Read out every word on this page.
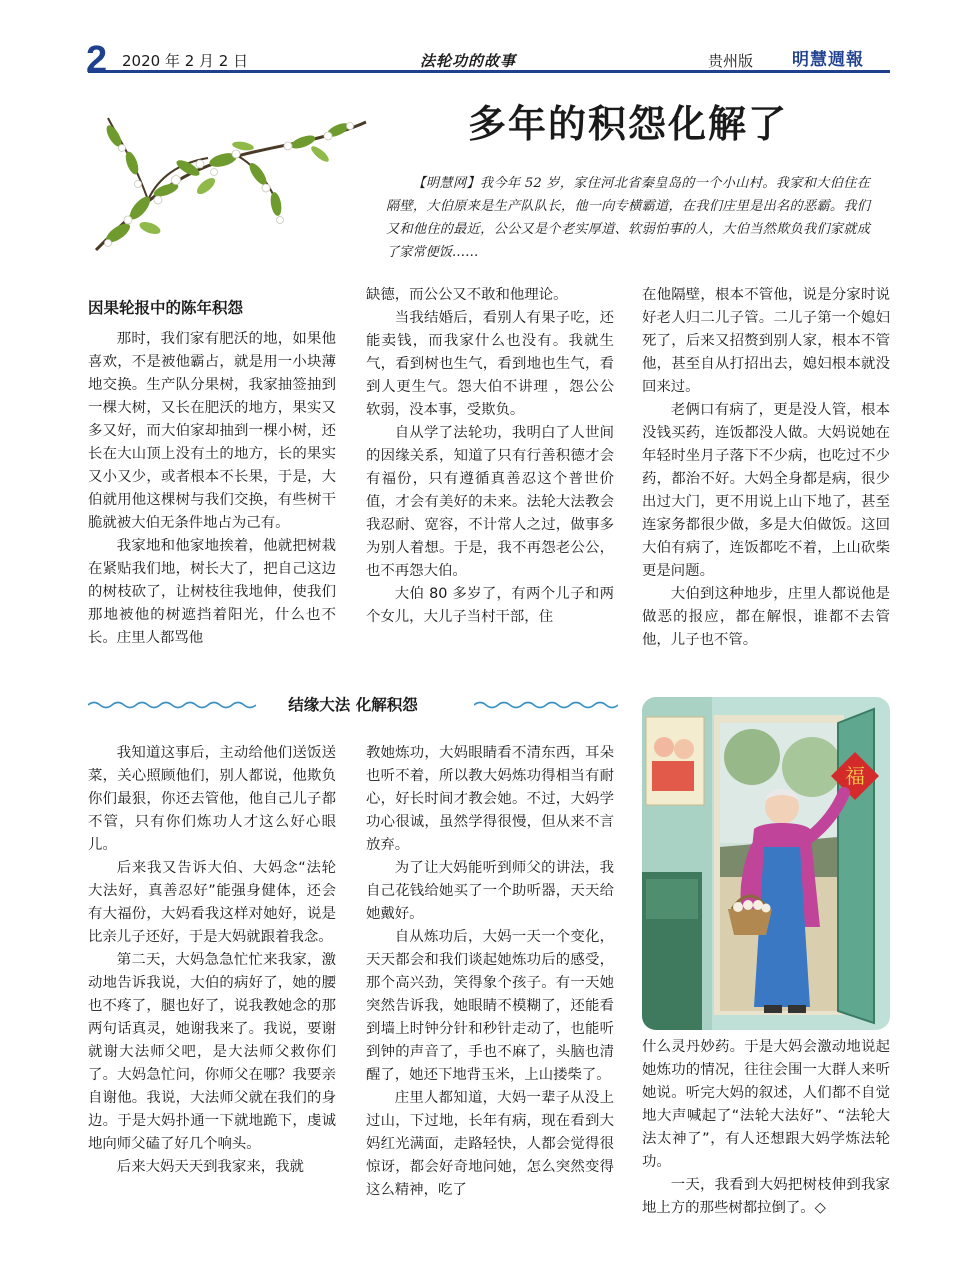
2 2020 年 2 月 2 日	法轮功的故事	贵州版 明慧週報
多年的积怨化解了

【明慧网】我今年 52 岁，家住河北省秦皇岛的一个小山村。我家和大伯住在隔壁，大伯原来是生产队队长，他一向专横霸道，在我们庄里是出名的恶霸。我们又和他住的最近，公公又是个老实厚道、软弱怕事的人，大伯当然欺负我们家就成了家常便饭……

因果轮报中的陈年积怨

那时，我们家有肥沃的地，如果他喜欢，不是被他霸占，就是用一小块薄地交换。生产队分果树，我家抽签抽到一棵大树，又长在肥沃的地方，果实又多又好，而大伯家却抽到一棵小树，还长在大山顶上没有土的地方，长的果实又小又少，或者根本不长果，于是，大伯就用他这棵树与我们交换，有些树干脆就被大伯无条件地占为己有。

我家地和他家地挨着，他就把树栽在紧贴我们地，树长大了，把自己这边的树枝砍了，让树枝往我地伸，使我们那地被他的树遮挡着阳光，什么也不长。庄里人都骂他

缺德，而公公又不敢和他理论。

当我结婚后，看别人有果子吃，还能卖钱，而我家什么也没有。我就生气，看到树也生气，看到地也生气，看到人更生气。怨大伯不讲理 ，怨公公软弱，没本事，受欺负。

自从学了法轮功，我明白了人世间的因缘关系，知道了只有行善积德才会有福份，只有遵循真善忍这个普世价值，才会有美好的未来。法轮大法教会我忍耐、宽容，不计常人之过，做事多为别人着想。于是，我不再怨老公公，也不再怨大伯。

大伯 80 多岁了，有两个儿子和两个女儿，大儿子当村干部，住

在他隔壁，根本不管他，说是分家时说好老人归二儿子管。二儿子第一个媳妇死了，后来又招赘到别人家，根本不管他，甚至自从打招出去，媳妇根本就没回来过。

老俩口有病了，更是没人管，根本没钱买药，连饭都没人做。大妈说她在年轻时坐月子落下不少病，也吃过不少药，都治不好。大妈全身都是病，很少出过大门，更不用说上山下地了，甚至连家务都很少做，多是大伯做饭。这回大伯有病了，连饭都吃不着，上山砍柴更是问题。

大伯到这种地步，庄里人都说他是做恶的报应，都在解恨，谁都不去管他，儿子也不管。

结缘大法 化解积怨

我知道这事后，主动给他们送饭送菜，关心照顾他们，别人都说，他欺负你们最狠，你还去管他，他自己儿子都不管，只有你们炼功人才这么好心眼儿。

后来我又告诉大伯、大妈念“法轮大法好，真善忍好”能强身健体，还会有大福份，大妈看我这样对她好，说是比亲儿子还好，于是大妈就跟着我念。

第二天，大妈急急忙忙来我家，激动地告诉我说，大伯的病好了，她的腰也不疼了，腿也好了，说我教她念的那两句话真灵，她谢我来了。我说，要谢就谢大法师父吧，是大法师父救你们了。大妈急忙问，你师父在哪？我要亲自谢他。我说，大法师父就在我们的身边。于是大妈扑通一下就地跪下，虔诚地向师父磕了好几个响头。

后来大妈天天到我家来，我就

教她炼功，大妈眼睛看不清东西，耳朵也听不着，所以教大妈炼功得相当有耐心，好长时间才教会她。不过，大妈学功心很诚，虽然学得很慢，但从来不言放弃。

为了让大妈能听到师父的讲法，我自己花钱给她买了一个助听器，天天给她戴好。

自从炼功后，大妈一天一个变化，天天都会和我们谈起她炼功后的感受，那个高兴劲，笑得象个孩子。有一天她突然告诉我，她眼睛不模糊了，还能看到墙上时钟分针和秒针走动了，也能听到钟的声音了，手也不麻了，头脑也清醒了，她还下地背玉米，上山搂柴了。

庄里人都知道，大妈一辈子从没上过山，下过地，长年有病，现在看到大妈红光满面，走路轻快，人都会觉得很惊讶，都会好奇地问她，怎么突然变得这么精神，吃了

福

什么灵丹妙药。于是大妈会激动地说起她炼功的情况，往往会围一大群人来听她说。听完大妈的叙述，人们都不自觉地大声喊起了“法轮大法好”、“法轮大法太神了”，有人还想跟大妈学炼法轮功。

一天，我看到大妈把树枝伸到我家地上方的那些树都拉倒了。◇
